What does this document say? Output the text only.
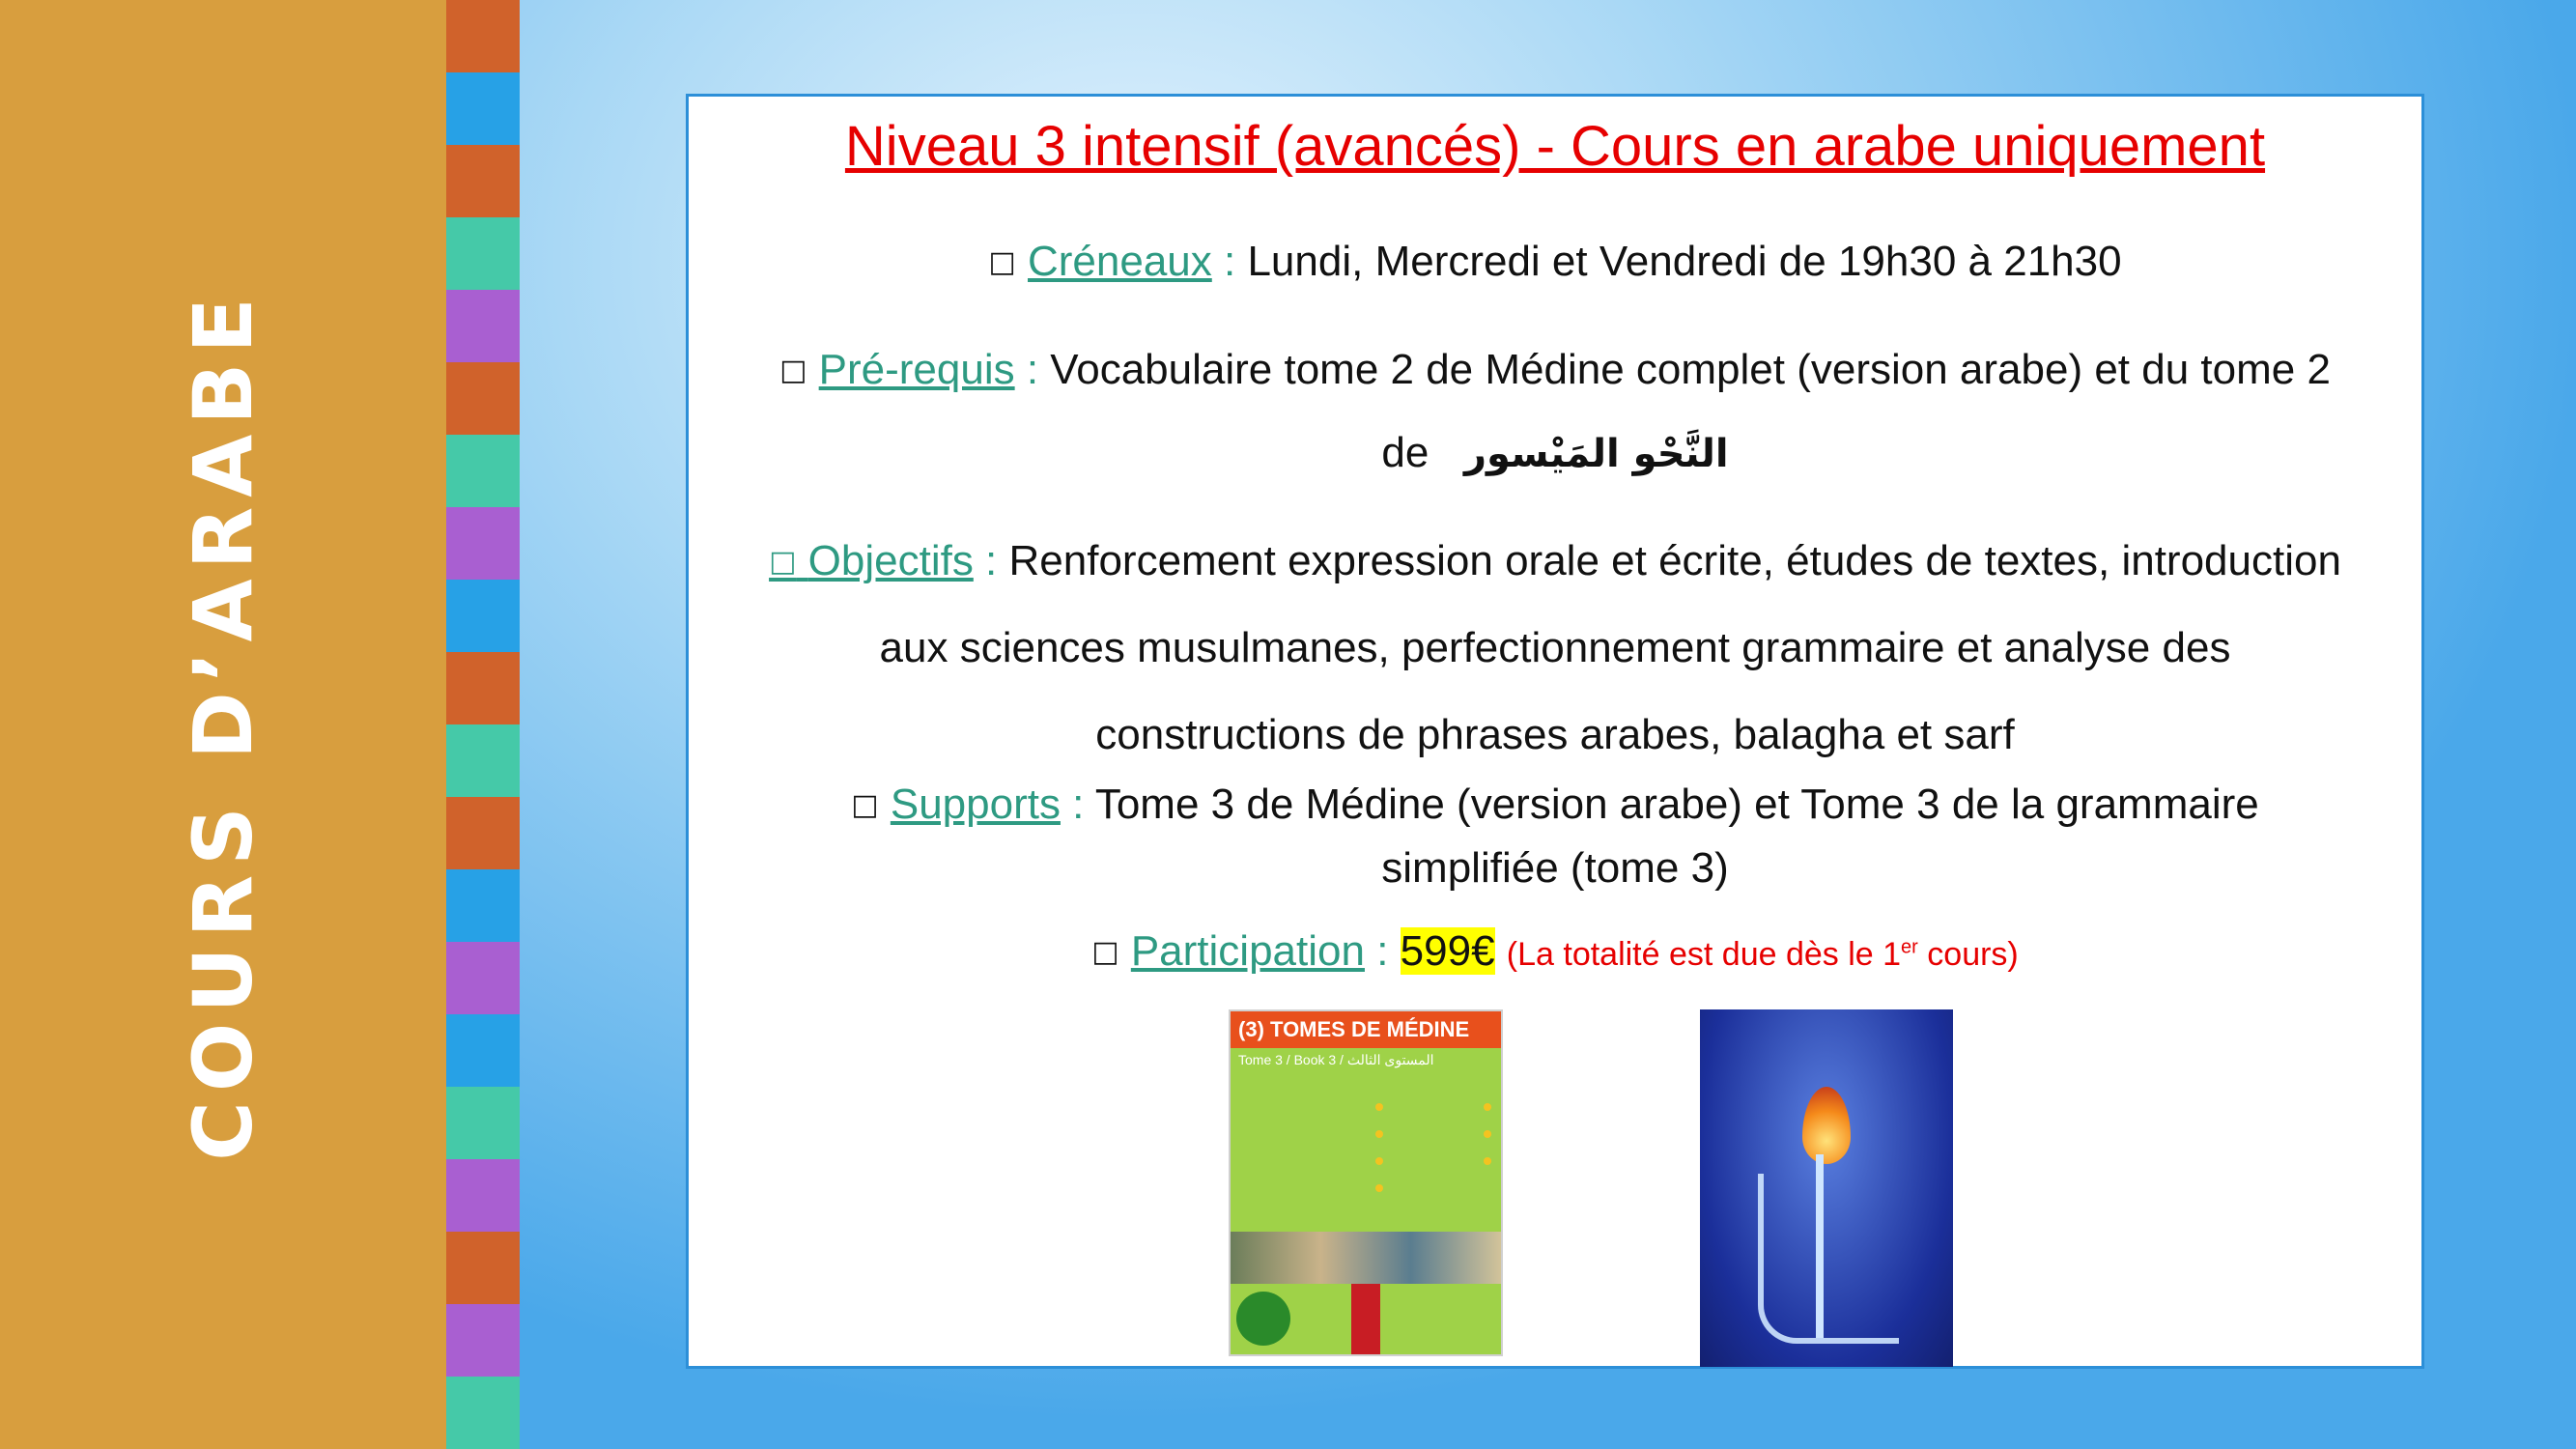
COURS D’ARABE
Niveau 3 intensif (avancés) - Cours en arabe uniquement
□ Créneaux : Lundi, Mercredi et Vendredi de 19h30 à 21h30
□ Pré-requis : Vocabulaire tome 2 de Médine complet (version arabe) et du tome 2
de النَّحْو المَيْسور
□ Objectifs : Renforcement expression orale et écrite, études de textes, introduction
aux sciences musulmanes, perfectionnement grammaire et analyse des
constructions de phrases arabes, balagha et sarf
□ Supports : Tome 3 de Médine (version arabe) et Tome 3 de la grammaire
simplifiée (tome 3)
□ Participation : 599€ (La totalité est due dès le 1er cours)
(3) TOMES DE MÉDINE
Tome 3 / Book 3 / المستوى الثالث
